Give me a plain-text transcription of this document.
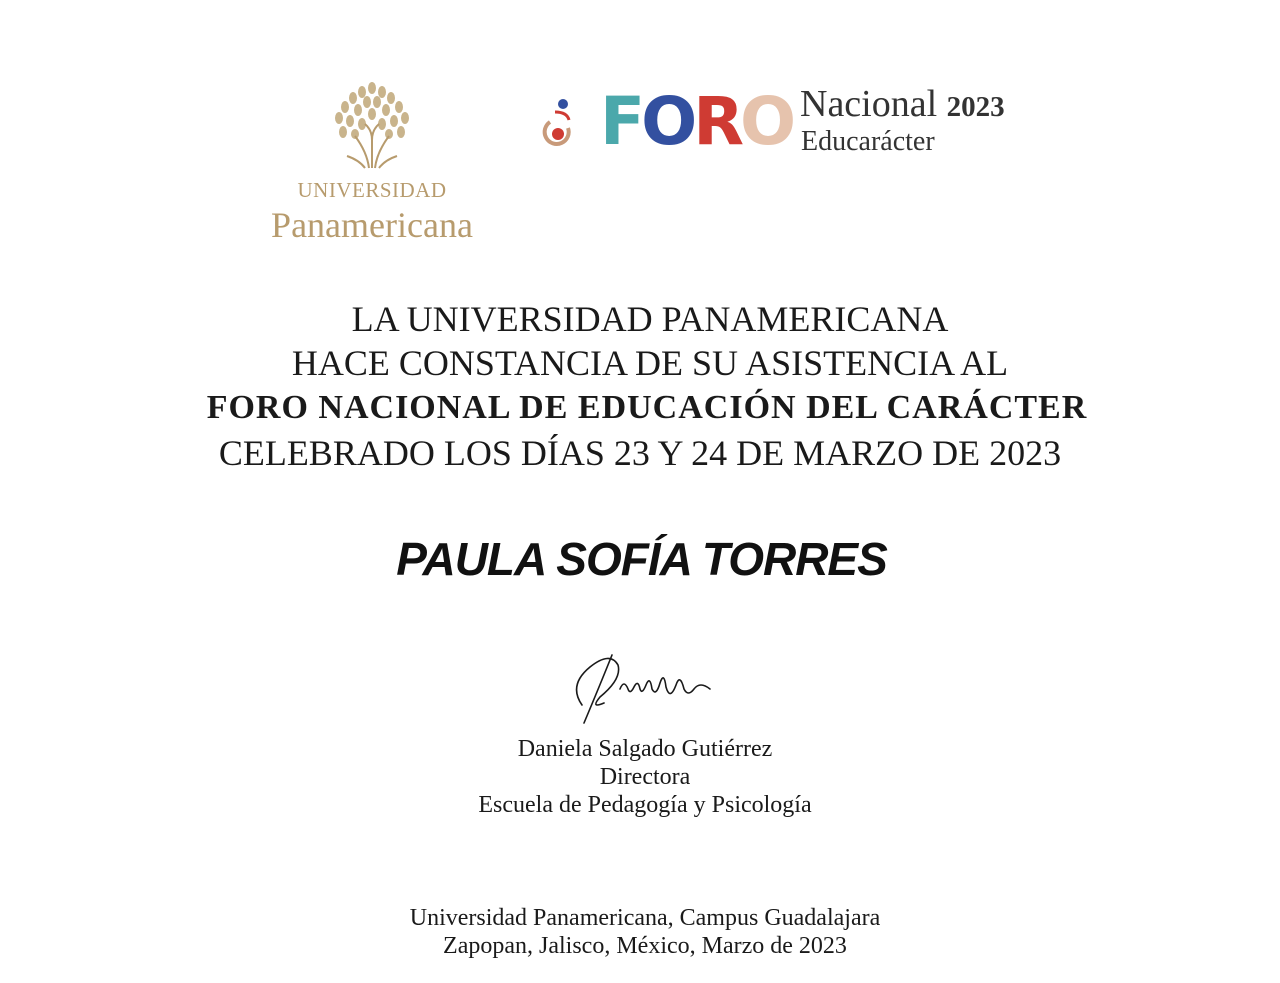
UNIVERSIDAD
Panamericana
FORO Nacional 2023
Educarácter
LA UNIVERSIDAD PANAMERICANA
HACE CONSTANCIA DE SU ASISTENCIA AL
FORO NACIONAL DE EDUCACIÓN DEL CARÁCTER
CELEBRADO LOS DÍAS 23 Y 24 DE MARZO DE 2023
PAULA SOFÍA TORRES
Daniela Salgado Gutiérrez
Directora
Escuela de Pedagogía y Psicología
Universidad Panamericana, Campus Guadalajara
Zapopan, Jalisco, México, Marzo de 2023
